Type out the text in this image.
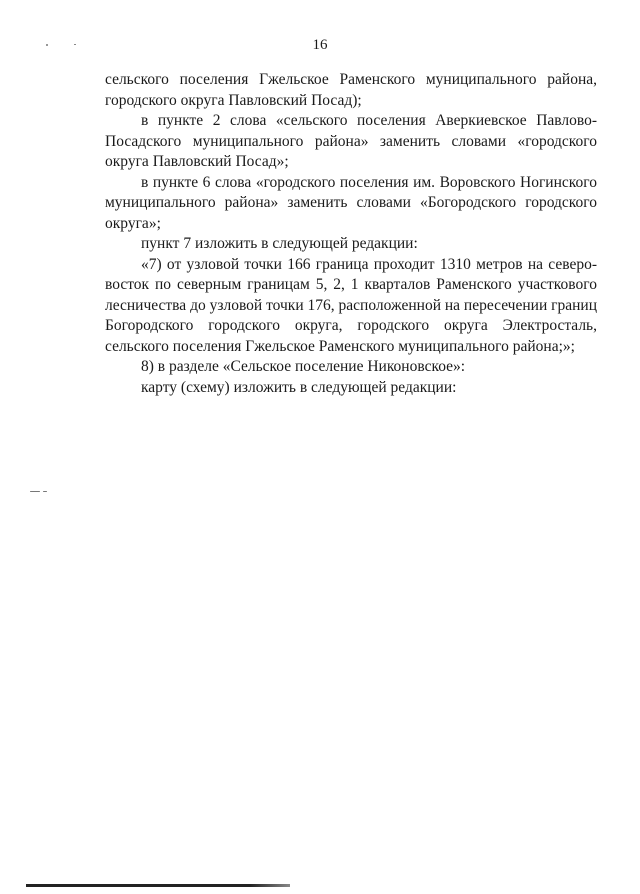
16

сельского поселения Гжельское Раменского муниципального района, городского округа Павловский Посад);

в пункте 2 слова «сельского поселения Аверкиевское Павлово-Посадского муниципального района» заменить словами «городского округа Павловский Посад»;

в пункте 6 слова «городского поселения им. Воровского Ногинского муниципального района» заменить словами «Богородского городского округа»;

пункт 7 изложить в следующей редакции:

«7) от узловой точки 166 граница проходит 1310 метров на северо-восток по северным границам 5, 2, 1 кварталов Раменского участкового лесничества до узловой точки 176, расположенной на пересечении границ Богородского городского округа, городского округа Электросталь, сельского поселения Гжельское Раменского муниципального района;»;

8) в разделе «Сельское поселение Никоновское»:

карту (схему) изложить в следующей редакции:
